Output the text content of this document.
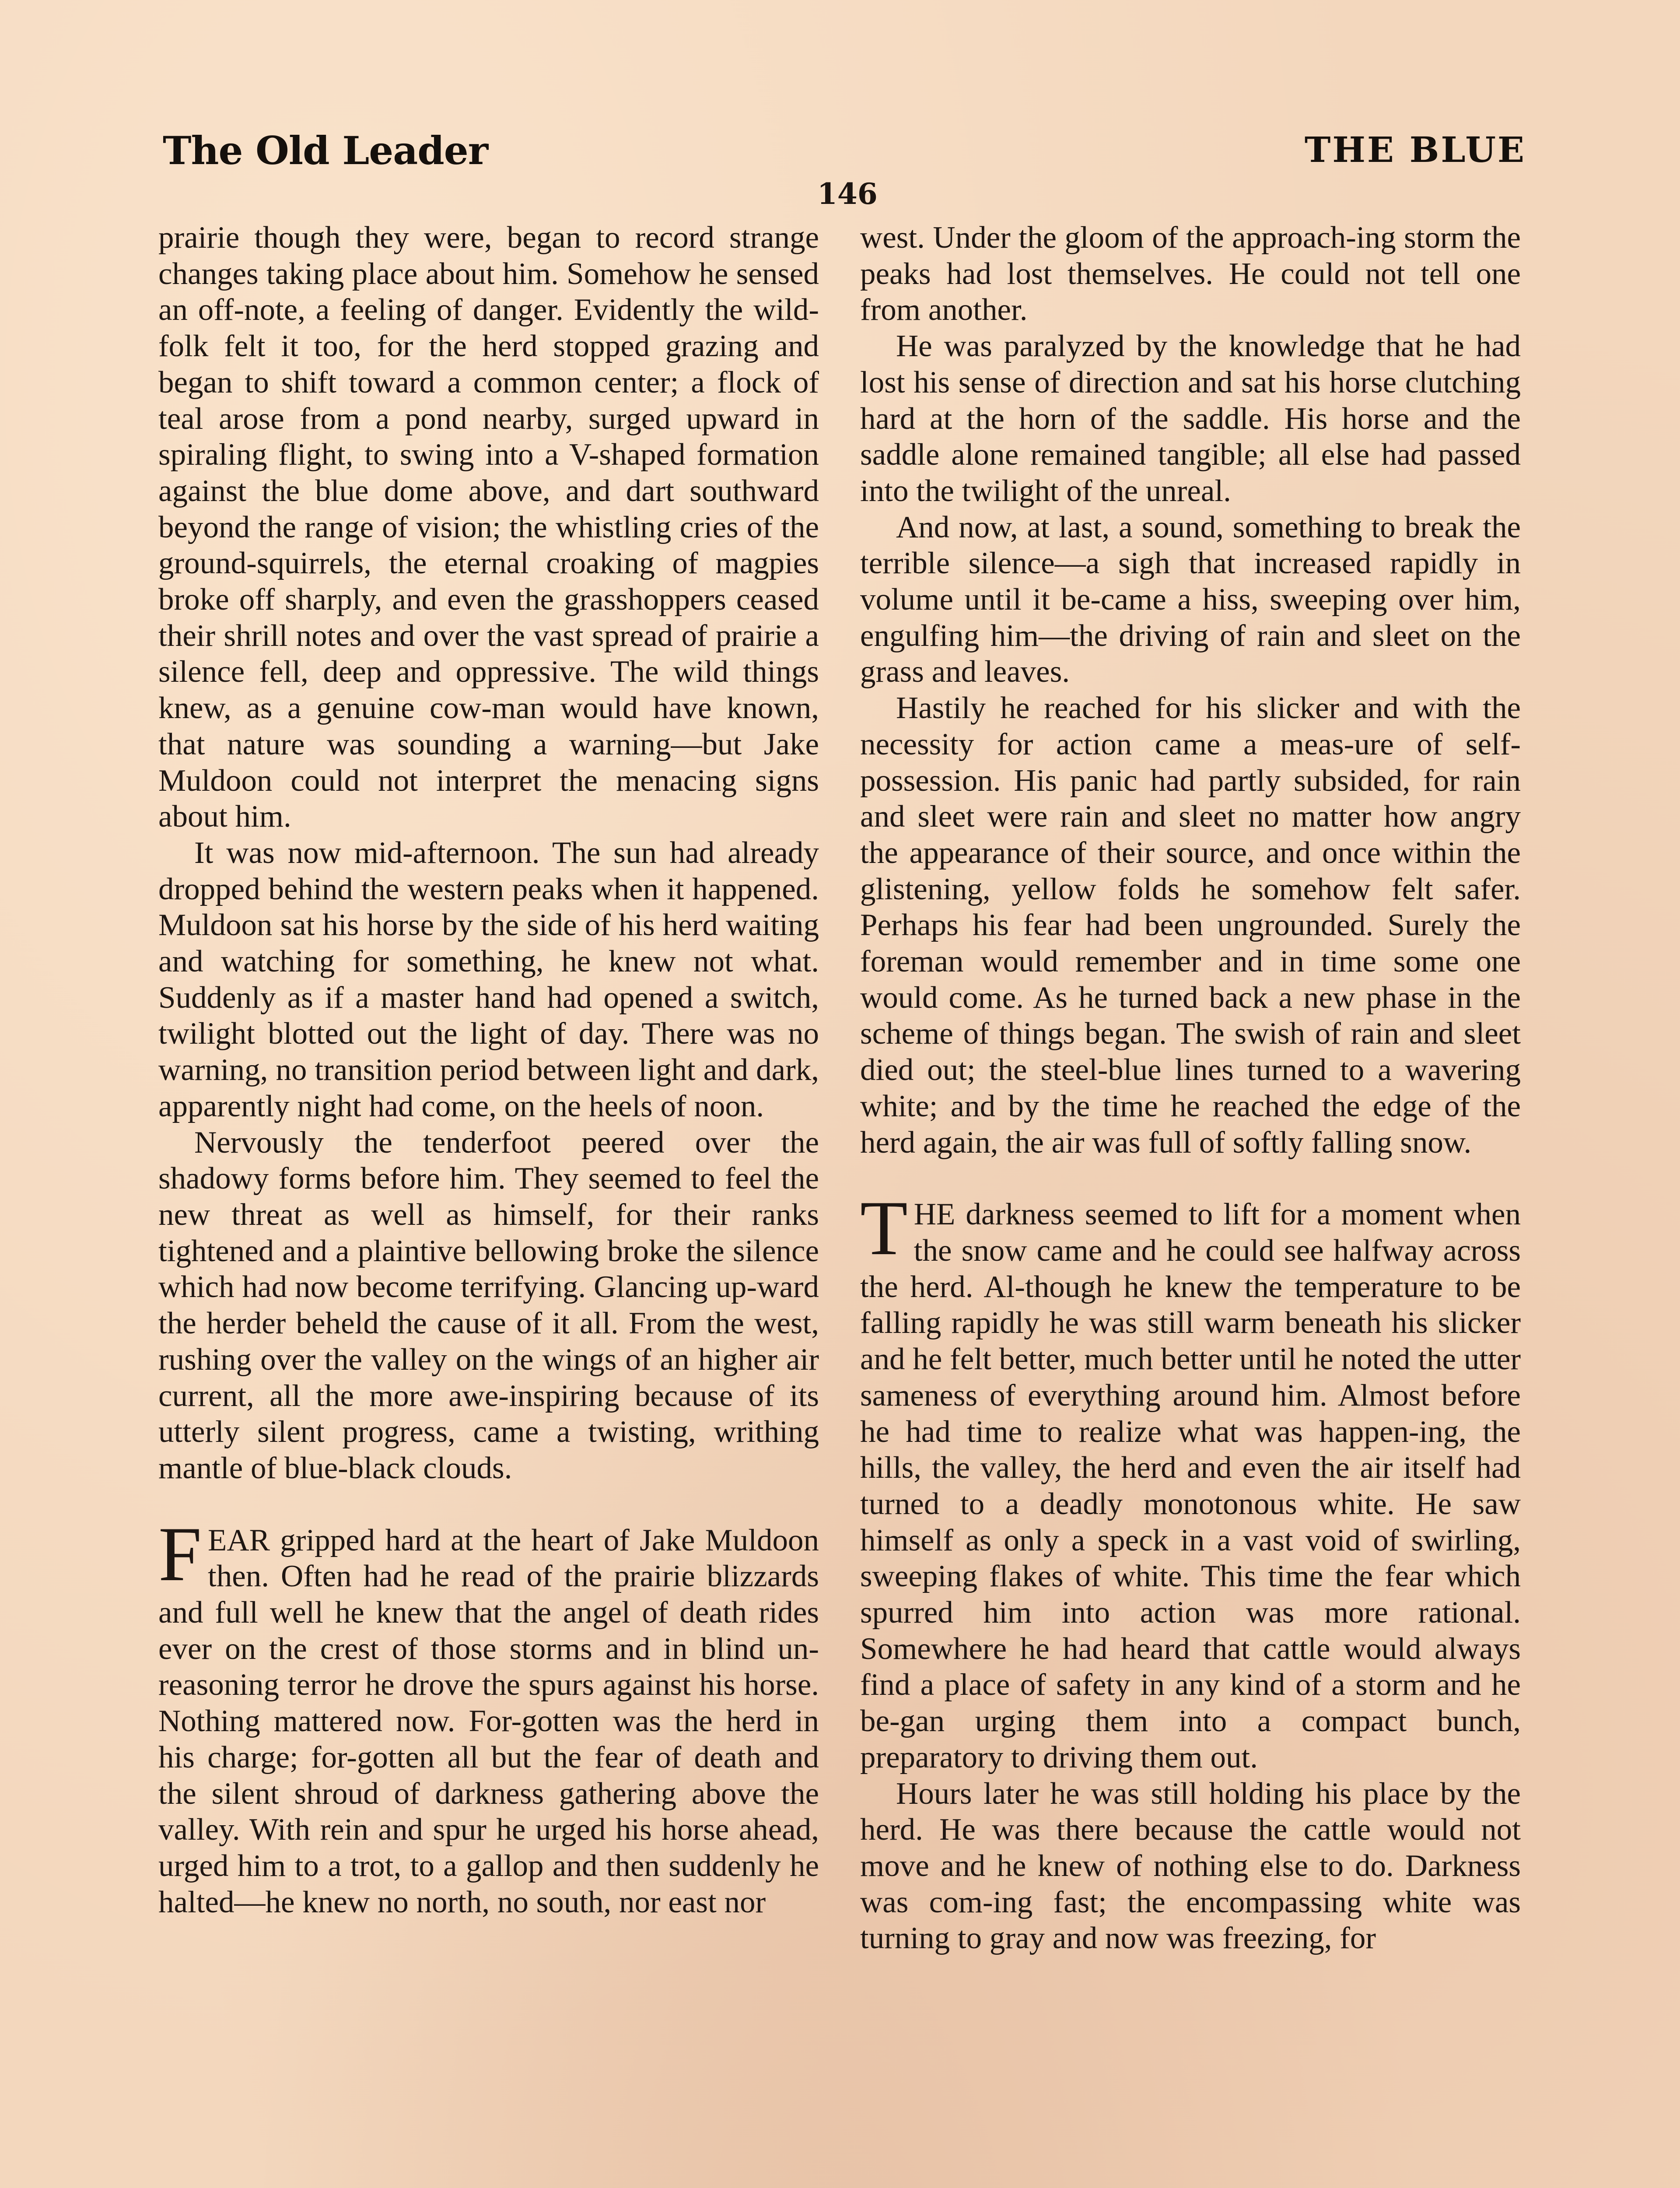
The Old Leader	THE BLUE
146

prairie though they were, began to record strange changes taking place about him. Somehow he sensed an off-note, a feeling of danger. Evidently the wild-folk felt it too, for the herd stopped grazing and began to shift toward a common center; a flock of teal arose from a pond nearby, surged upward in spiraling flight, to swing into a V-shaped formation against the blue dome above, and dart southward beyond the range of vision; the whistling cries of the ground-squirrels, the eternal croaking of magpies broke off sharply, and even the grasshoppers ceased their shrill notes and over the vast spread of prairie a silence fell, deep and oppressive. The wild things knew, as a genuine cow-man would have known, that nature was sounding a warning—but Jake Muldoon could not interpret the menacing signs about him.

It was now mid-afternoon. The sun had already dropped behind the western peaks when it happened. Muldoon sat his horse by the side of his herd waiting and watching for something, he knew not what. Suddenly as if a master hand had opened a switch, twilight blotted out the light of day. There was no warning, no transition period between light and dark, apparently night had come, on the heels of noon.

Nervously the tenderfoot peered over the shadowy forms before him. They seemed to feel the new threat as well as himself, for their ranks tightened and a plaintive bellowing broke the silence which had now become terrifying. Glancing up-ward the herder beheld the cause of it all. From the west, rushing over the valley on the wings of an higher air current, all the more awe-inspiring because of its utterly silent progress, came a twisting, writhing mantle of blue-black clouds.

FEAR gripped hard at the heart of Jake Muldoon then. Often had he read of the prairie blizzards and full well he knew that the angel of death rides ever on the crest of those storms and in blind un-reasoning terror he drove the spurs against his horse. Nothing mattered now. For-gotten was the herd in his charge; for-gotten all but the fear of death and the silent shroud of darkness gathering above the valley. With rein and spur he urged his horse ahead, urged him to a trot, to a gallop and then suddenly he halted—he knew no north, no south, nor east nor

west. Under the gloom of the approach-ing storm the peaks had lost themselves. He could not tell one from another.

He was paralyzed by the knowledge that he had lost his sense of direction and sat his horse clutching hard at the horn of the saddle. His horse and the saddle alone remained tangible; all else had passed into the twilight of the unreal.

And now, at last, a sound, something to break the terrible silence—a sigh that increased rapidly in volume until it be-came a hiss, sweeping over him, engulfing him—the driving of rain and sleet on the grass and leaves.

Hastily he reached for his slicker and with the necessity for action came a meas-ure of self-possession. His panic had partly subsided, for rain and sleet were rain and sleet no matter how angry the appearance of their source, and once within the glistening, yellow folds he somehow felt safer. Perhaps his fear had been ungrounded. Surely the foreman would remember and in time some one would come. As he turned back a new phase in the scheme of things began. The swish of rain and sleet died out; the steel-blue lines turned to a wavering white; and by the time he reached the edge of the herd again, the air was full of softly falling snow.

THE darkness seemed to lift for a moment when the snow came and he could see halfway across the herd. Al-though he knew the temperature to be falling rapidly he was still warm beneath his slicker and he felt better, much better until he noted the utter sameness of everything around him. Almost before he had time to realize what was happen-ing, the hills, the valley, the herd and even the air itself had turned to a deadly monotonous white. He saw himself as only a speck in a vast void of swirling, sweeping flakes of white. This time the fear which spurred him into action was more rational. Somewhere he had heard that cattle would always find a place of safety in any kind of a storm and he be-gan urging them into a compact bunch, preparatory to driving them out.

Hours later he was still holding his place by the herd. He was there because the cattle would not move and he knew of nothing else to do. Darkness was com-ing fast; the encompassing white was turning to gray and now was freezing, for
